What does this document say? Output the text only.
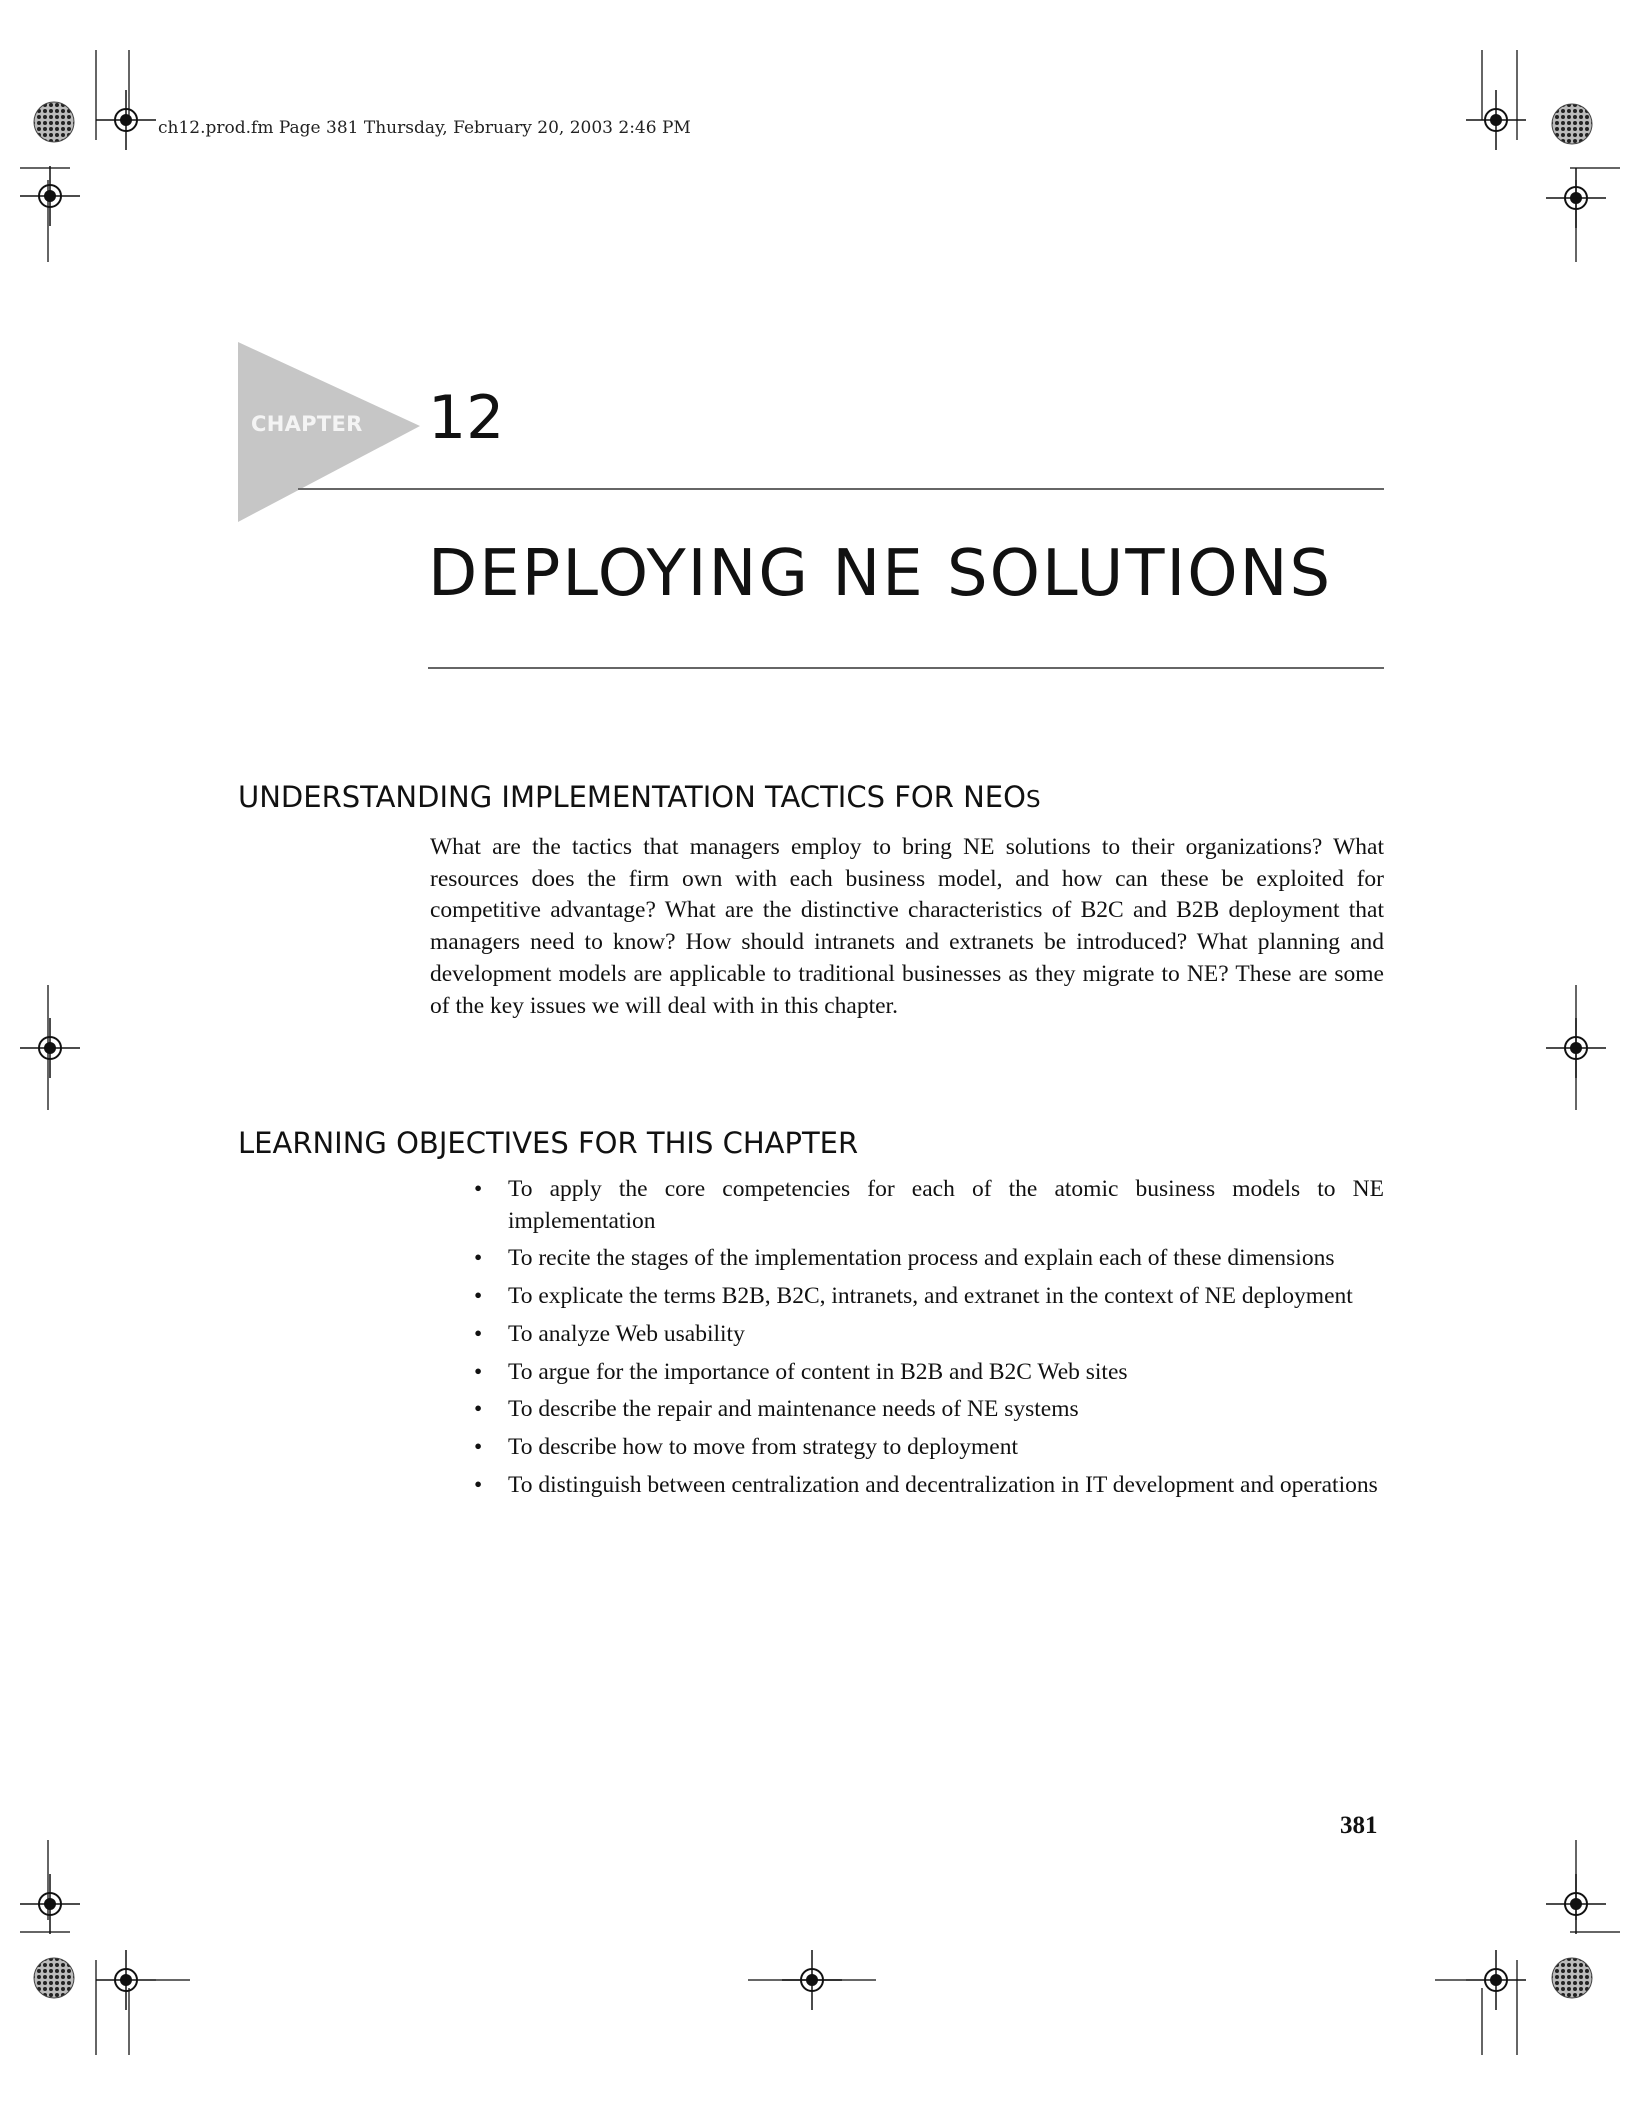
ch12.prod.fm Page 381 Thursday, February 20, 2003 2:46 PM
CHAPTER 12
DEPLOYING NE SOLUTIONS
UNDERSTANDING IMPLEMENTATION TACTICS FOR NEOS

What are the tactics that managers employ to bring NE solutions to their organizations? What resources does the firm own with each business model, and how can these be exploited for competitive advantage? What are the distinctive characteristics of B2C and B2B deployment that managers need to know? How should intranets and extranets be introduced? What planning and development models are applicable to traditional businesses as they migrate to NE? These are some of the key issues we will deal with in this chapter.

LEARNING OBJECTIVES FOR THIS CHAPTER
• To apply the core competencies for each of the atomic business models to NE implementation
• To recite the stages of the implementation process and explain each of these dimensions
• To explicate the terms B2B, B2C, intranets, and extranet in the context of NE deployment
• To analyze Web usability
• To argue for the importance of content in B2B and B2C Web sites
• To describe the repair and maintenance needs of NE systems
• To describe how to move from strategy to deployment
• To distinguish between centralization and decentralization in IT development and operations
381
